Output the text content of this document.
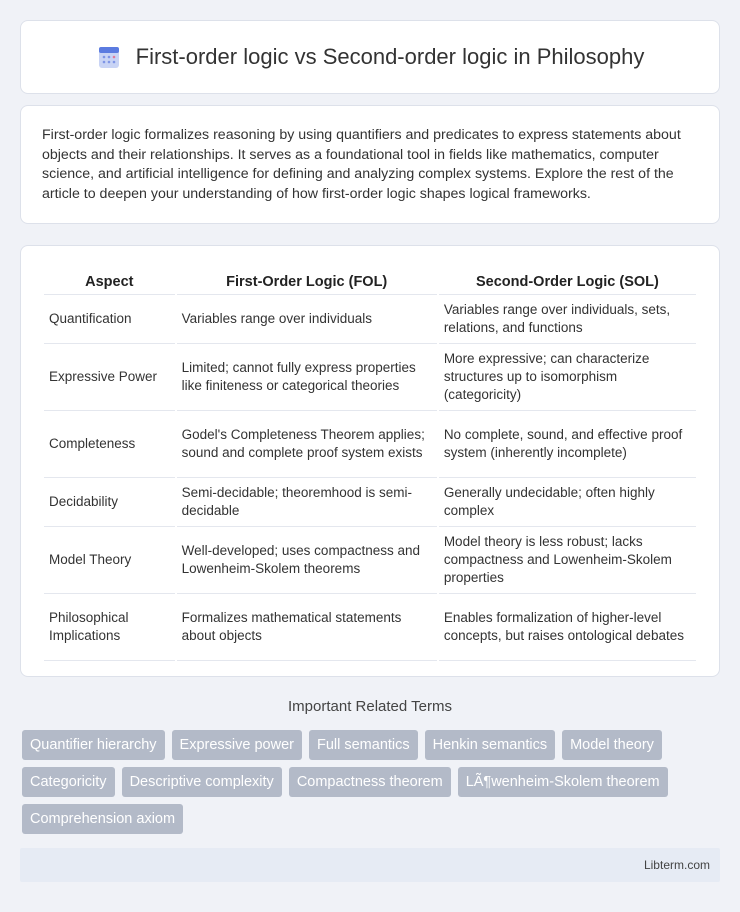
First-order logic vs Second-order logic in Philosophy

First-order logic formalizes reasoning by using quantifiers and predicates to express statements about objects and their relationships. It serves as a foundational tool in fields like mathematics, computer science, and artificial intelligence for defining and analyzing complex systems. Explore the rest of the article to deepen your understanding of how first-order logic shapes logical frameworks.

Aspect	First-Order Logic (FOL)	Second-Order Logic (SOL)
Quantification	Variables range over individuals	Variables range over individuals, sets, relations, and functions
Expressive Power	Limited; cannot fully express properties like finiteness or categorical theories	More expressive; can characterize structures up to isomorphism (categoricity)
Completeness	Godel's Completeness Theorem applies; sound and complete proof system exists	No complete, sound, and effective proof system (inherently incomplete)
Decidability	Semi-decidable; theoremhood is semi-decidable	Generally undecidable; often highly complex
Model Theory	Well-developed; uses compactness and Lowenheim-Skolem theorems	Model theory is less robust; lacks compactness and Lowenheim-Skolem properties
Philosophical Implications	Formalizes mathematical statements about objects	Enables formalization of higher-level concepts, but raises ontological debates
Important Related Terms
Quantifier hierarchy	Expressive power	Full semantics	Henkin semantics	Model theory
Categoricity	Descriptive complexity	Compactness theorem	LÃ¶wenheim-Skolem theorem
Comprehension axiom
Libterm.com
